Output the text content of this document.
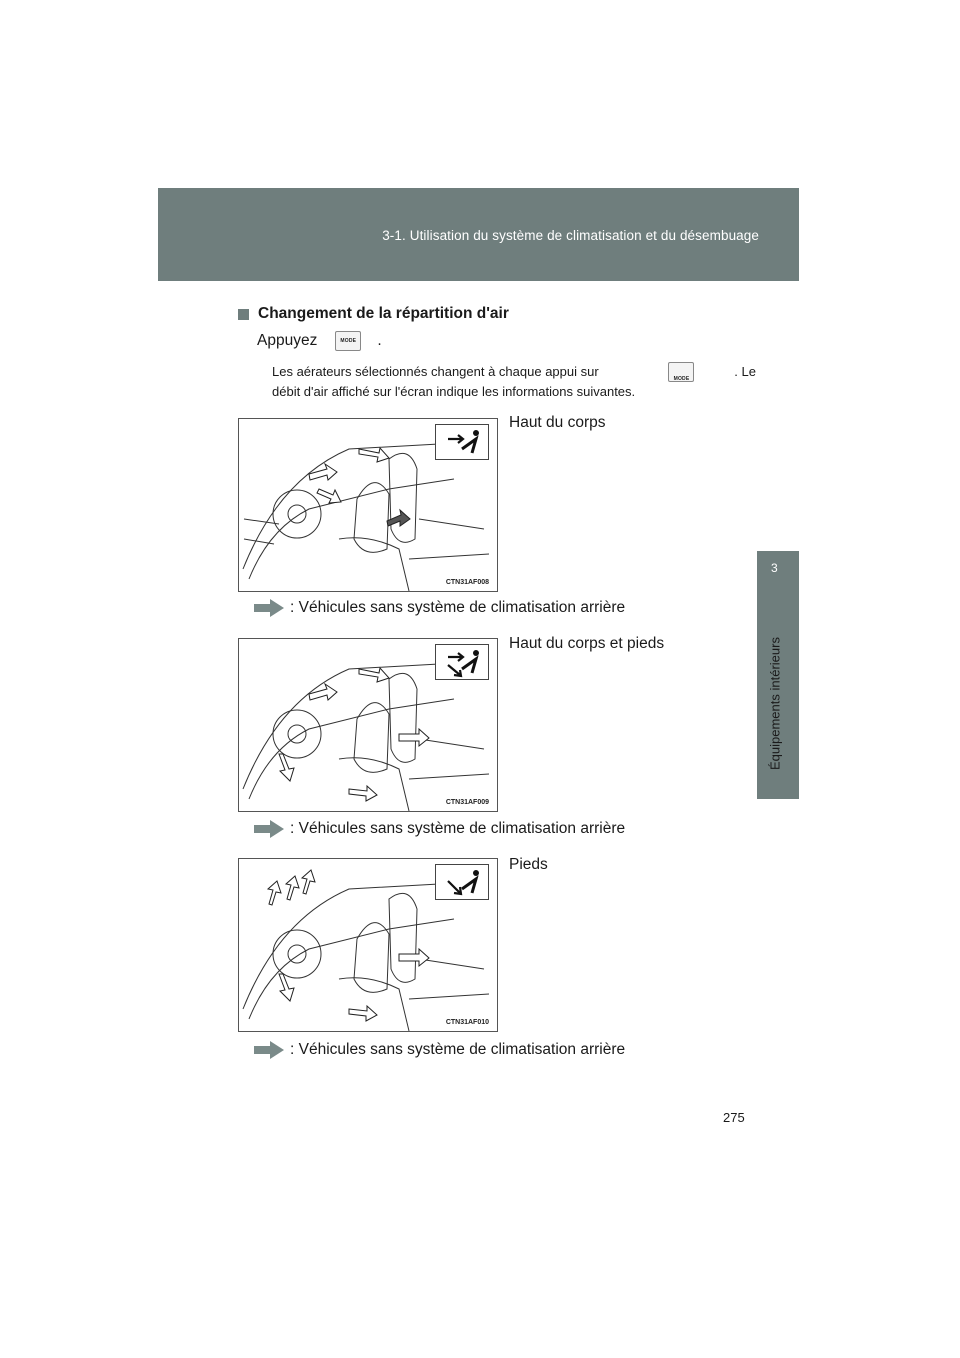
3-1. Utilisation du système de climatisation et du désembuage
3
Équipements intérieurs
Changement de la répartition d'air
Appuyez	MODE .
Les aérateurs sélectionnés changent à chaque appui sur	MODE	. Le
débit d'air affiché sur l'écran indique les informations suivantes.
CTN31AF008
Haut du corps
: Véhicules sans système de climatisation arrière
CTN31AF009
Haut du corps et pieds
: Véhicules sans système de climatisation arrière
CTN31AF010
Pieds
: Véhicules sans système de climatisation arrière
275
